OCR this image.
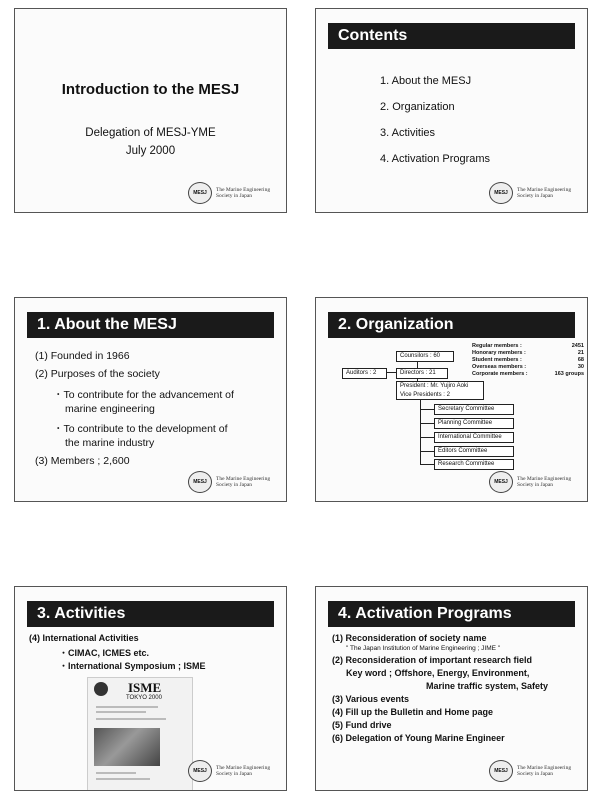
Introduction to the MESJ
Delegation of MESJ-YME
July 2000
MESJ	The Marine Engineering
Society in Japan
Contents
1. About the MESJ
2. Organization
3. Activities
4. Activation Programs
MESJ	The Marine Engineering
Society in Japan
1. About the MESJ
(1) Founded in 1966
(2) Purposes of the society
・To contribute for the advancement of
marine engineering
・To contribute to the development of
the marine industry
(3) Members ; 2,600
MESJ	The Marine Engineering
Society in Japan
2. Organization
Regular members :	2451
Honorary members :	21
Student members :	68
Overseas members :	30
Corporate members :	163 groups
Counsilors : 60
Auditors : 2	Directors : 21
President : Mr. Yujiro Aoki
Vice Presidents : 2
Secretary Committee
Planning Committee
International Committee
Editors Committee
Research Committee
MESJ	The Marine Engineering
Society in Japan
3. Activities
(4) International Activities
・CIMAC, ICMES etc.
・International Symposium ; ISME
ISME
TOKYO 2000
MESJ	The Marine Engineering
Society in Japan
4. Activation Programs
(1) Reconsideration of society name
" The Japan Institution of Marine Engineering ; JIME "
(2) Reconsideration of important research field
Key word ; Offshore, Energy, Environment,
Marine traffic system, Safety
(3) Various events
(4) Fill up the Bulletin and Home page
(5) Fund drive
(6) Delegation of Young Marine Engineer
MESJ	The Marine Engineering
Society in Japan
